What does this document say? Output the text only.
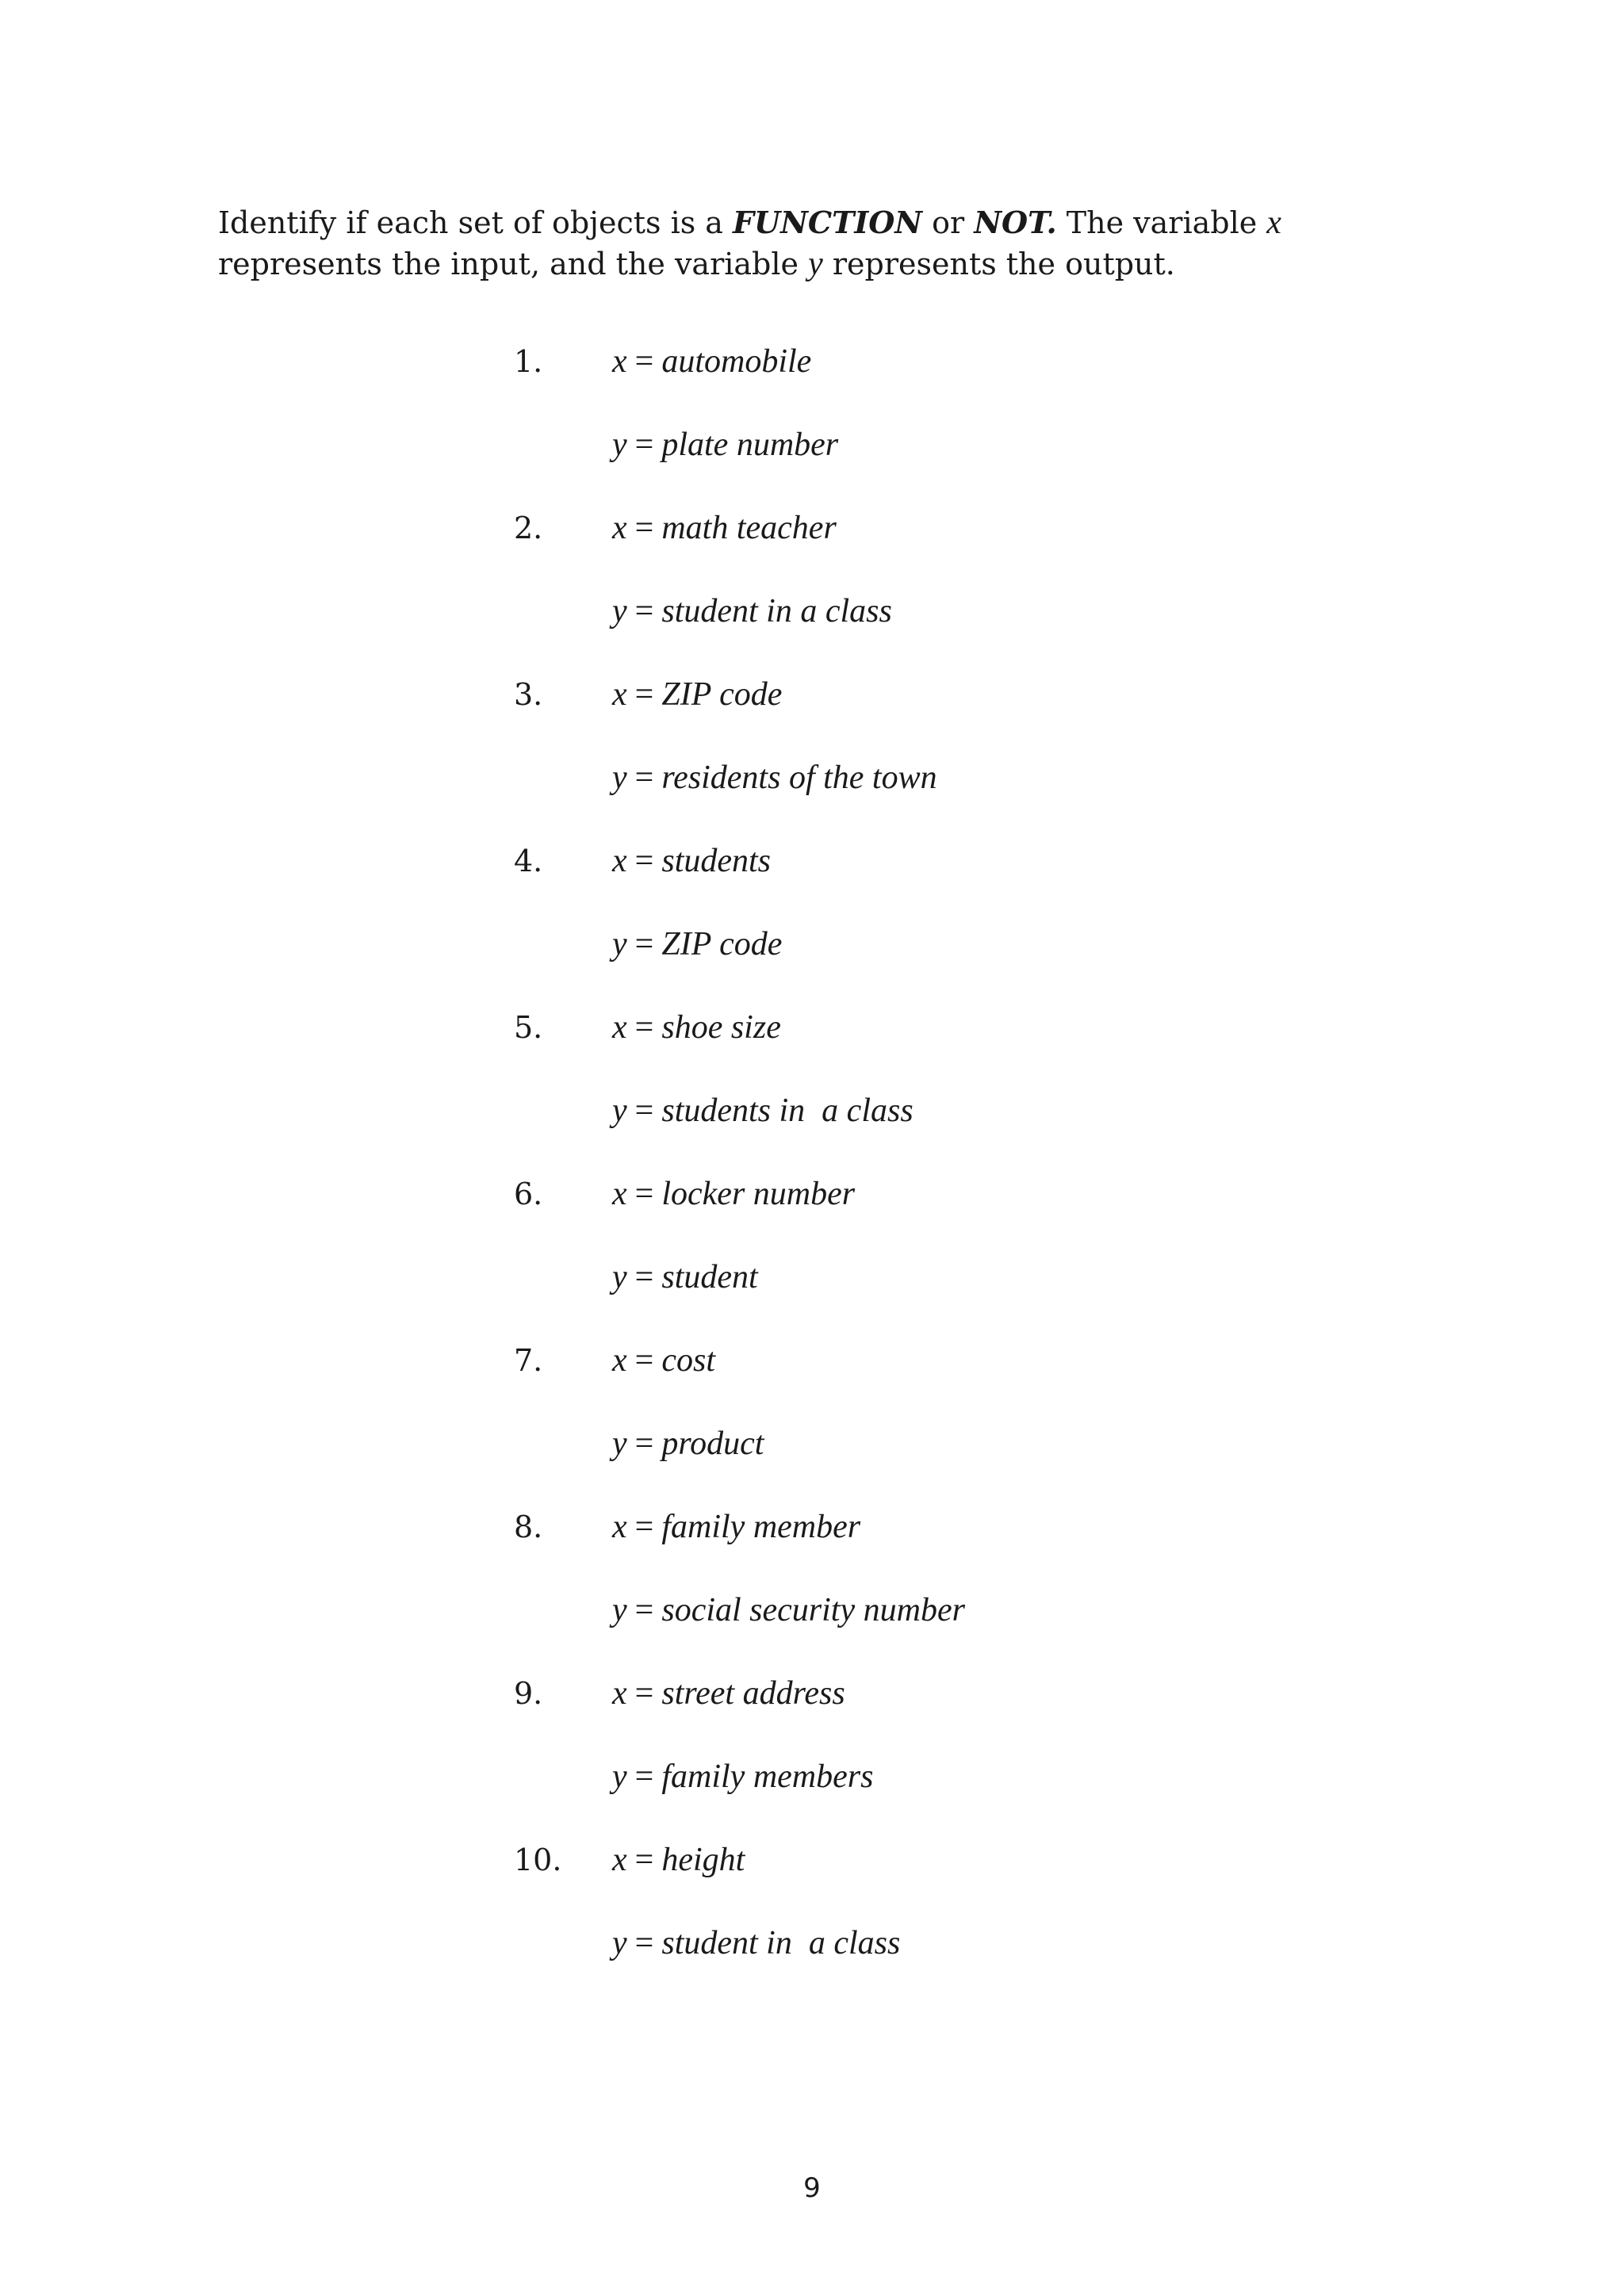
Identify if each set of objects is a FUNCTION or NOT. The variable x represents the input, and the variable y represents the output.
1. x = automobile
y = plate number
2. x = math teacher
y = student in a class
3. x = ZIP code
y = residents of the town
4. x = students
y = ZIP code
5. x = shoe size
y = students in  a class
6. x = locker number
y = student
7. x = cost
y = product
8. x = family member
y = social security number
9. x = street address
y = family members
10. x = height
y = student in  a class
9
